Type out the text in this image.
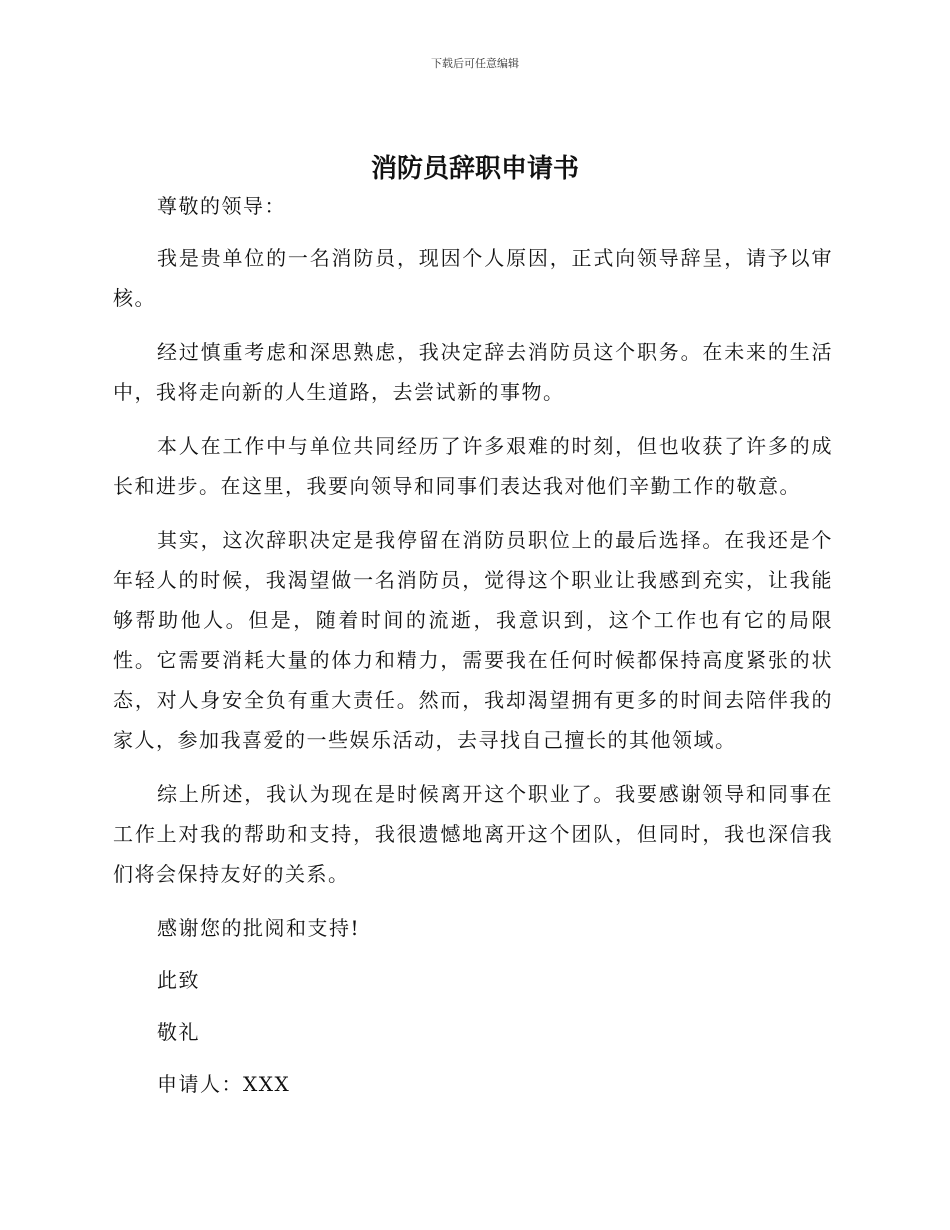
下载后可任意编辑
消防员辞职申请书

尊敬的领导：

我是贵单位的一名消防员，现因个人原因，正式向领导辞呈，请予以审核。

经过慎重考虑和深思熟虑，我决定辞去消防员这个职务。在未来的生活中，我将走向新的人生道路，去尝试新的事物。

本人在工作中与单位共同经历了许多艰难的时刻，但也收获了许多的成长和进步。在这里，我要向领导和同事们表达我对他们辛勤工作的敬意。

其实，这次辞职决定是我停留在消防员职位上的最后选择。在我还是个年轻人的时候，我渴望做一名消防员，觉得这个职业让我感到充实，让我能够帮助他人。但是，随着时间的流逝，我意识到，这个工作也有它的局限性。它需要消耗大量的体力和精力，需要我在任何时候都保持高度紧张的状态，对人身安全负有重大责任。然而，我却渴望拥有更多的时间去陪伴我的家人，参加我喜爱的一些娱乐活动，去寻找自己擅长的其他领域。

综上所述，我认为现在是时候离开这个职业了。我要感谢领导和同事在工作上对我的帮助和支持，我很遗憾地离开这个团队，但同时，我也深信我们将会保持友好的关系。

感谢您的批阅和支持!

此致

敬礼

申请人：XXX
